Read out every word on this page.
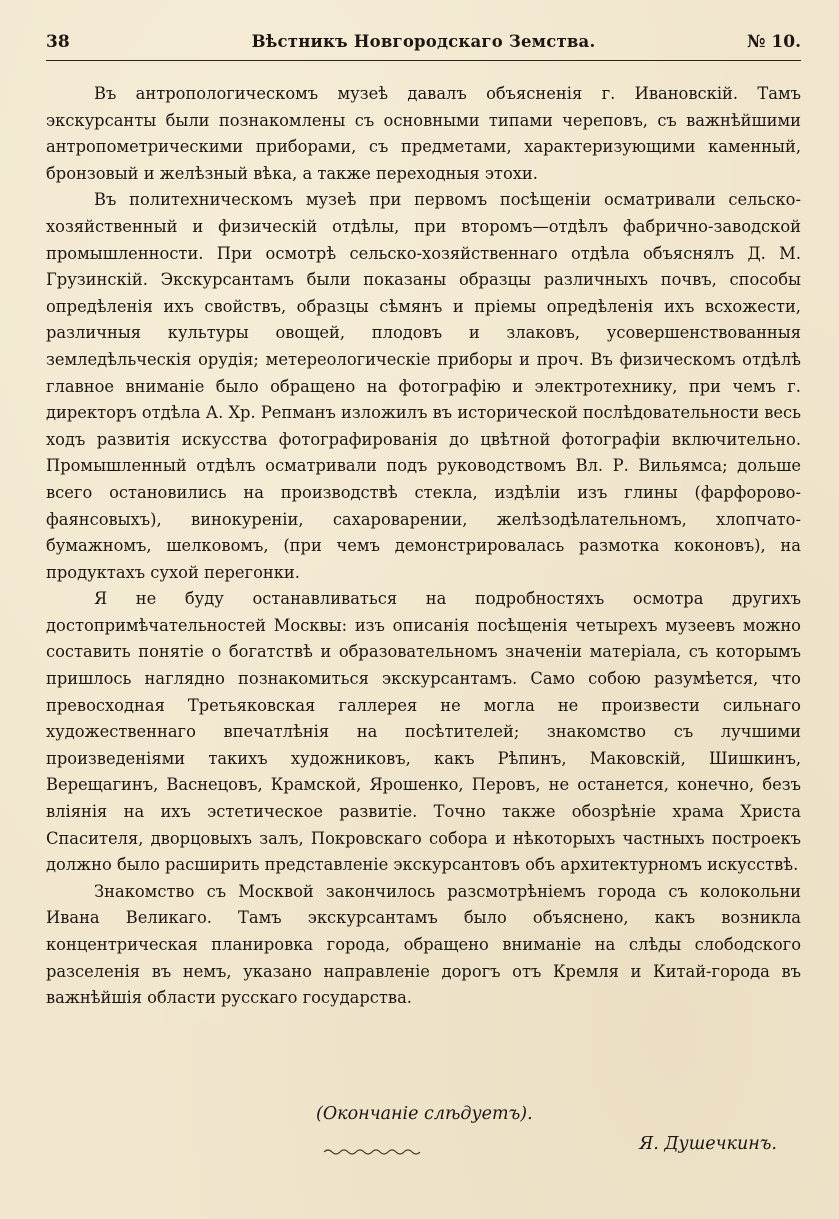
38	Вѣстникъ Новгородскаго Земства.	№ 10.

Въ антропологическомъ музеѣ давалъ объясненія г. Ивановскій. Тамъ экскурсанты были познакомлены съ основными типами череповъ, съ важнѣйшими антропометрическими приборами, съ предметами, характеризующими каменный, бронзовый и желѣзный вѣка, а также переходныя этохи.

Въ политехническомъ музеѣ при первомъ посѣщеніи осматривали сельско-хозяйственный и физическій отдѣлы, при второмъ—отдѣлъ фабрично-заводской промышленности. При осмотрѣ сельско-хозяйственнаго отдѣла объяснялъ Д. М. Грузинскій. Экскурсантамъ были показаны образцы различныхъ почвъ, способы опредѣленія ихъ свойствъ, образцы сѣмянъ и пріемы опредѣленія ихъ всхожести, различныя культуры овощей, плодовъ и злаковъ, усовершенствованныя земледѣльческія орудія; метереологическіе приборы и проч. Въ физическомъ отдѣлѣ главное вниманіе было обращено на фотографію и электротехнику, при чемъ г. директоръ отдѣла А. Хр. Репманъ изложилъ въ исторической послѣдовательности весь ходъ развитія искусства фотографированія до цвѣтной фотографіи включительно. Промышленный отдѣлъ осматривали подъ руководствомъ Вл. Р. Вильямса; дольше всего остановились на производствѣ стекла, издѣліи изъ глины (фарфорово-фаянсовыхъ), винокуреніи, сахароварении, желѣзодѣлательномъ, хлопчато-бумажномъ, шелковомъ, (при чемъ демонстрировалась размотка коконовъ), на продуктахъ сухой перегонки.

Я не буду останавливаться на подробностяхъ осмотра другихъ достопримѣчательностей Москвы: изъ описанія посѣщенія четырехъ музеевъ можно составить понятіе о богатствѣ и образовательномъ значеніи матеріала, съ которымъ пришлось наглядно познакомиться экскурсантамъ. Само собою разумѣется, что превосходная Третьяковская галлерея не могла не произвести сильнаго художественнаго впечатлѣнія на посѣтителей; знакомство съ лучшими произведеніями такихъ художниковъ, какъ Рѣпинъ, Маковскій, Шишкинъ, Верещагинъ, Васнецовъ, Крамской, Ярошенко, Перовъ, не останется, конечно, безъ вліянія на ихъ эстетическое развитіе. Точно также обозрѣніе храма Христа Спасителя, дворцовыхъ залъ, Покровскаго собора и нѣкоторыхъ частныхъ построекъ должно было расширить представленіе экскурсантовъ объ архитектурномъ искусствѣ.

Знакомство съ Москвой закончилось разсмотрѣніемъ города съ колокольни Ивана Великаго. Тамъ экскурсантамъ было объяснено, какъ возникла концентрическая планировка города, обращено вниманіе на слѣды слободского разселенія въ немъ, указано направленіе дорогъ отъ Кремля и Китай-города въ важнѣйшія области русскаго государства.

(Окончаніе слѣдуетъ).
Я. Душечкинъ.
